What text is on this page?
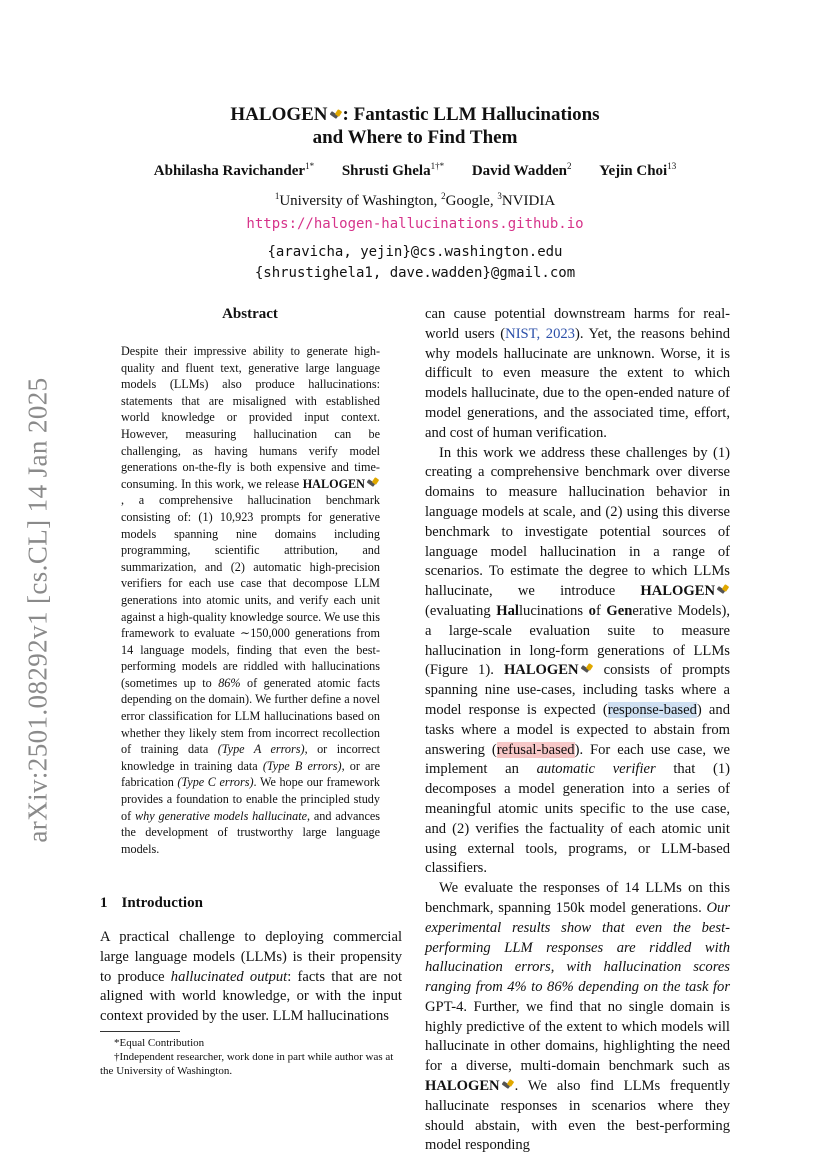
arXiv:2501.08292v1 [cs.CL] 14 Jan 2025
HALOGEN : Fantastic LLM Hallucinations
and Where to Find Them
Abhilasha Ravichander$^{1*}$ Shrusti Ghela$^{1\dagger*}$ David Wadden$^2$ Yejin Choi$^{13}$
$^1$University of Washington, $^2$Google, $^3$NVIDIA
https://halogen-hallucinations.github.io
{aravicha, yejin}@cs.washington.edu
{shrustighela1, dave.wadden}@gmail.com
Abstract
Despite their impressive ability to generate high-quality and fluent text, generative large language models (LLMs) also produce hallucinations: statements that are misaligned with established world knowledge or provided input context. However, measuring hallucination can be challenging, as having humans verify model generations on-the-fly is both expensive and time-consuming. In this work, we release HALOGEN, a comprehensive hallucination benchmark consisting of: (1) 10,923 prompts for generative models spanning nine domains including programming, scientific attribution, and summarization, and (2) automatic high-precision verifiers for each use case that decompose LLM generations into atomic units, and verify each unit against a high-quality knowledge source. We use this framework to evaluate ∼150,000 generations from 14 language models, finding that even the best-performing models are riddled with hallucinations (sometimes up to 86% of generated atomic facts depending on the domain). We further define a novel error classification for LLM hallucinations based on whether they likely stem from incorrect recollection of training data (Type A errors), or incorrect knowledge in training data (Type B errors), or are fabrication (Type C errors). We hope our framework provides a foundation to enable the principled study of why generative models hallucinate, and advances the development of trustworthy large language models.
1 Introduction
A practical challenge to deploying commercial large language models (LLMs) is their propensity to produce hallucinated output: facts that are not aligned with world knowledge, or with the input context provided by the user. LLM hallucinations

*Equal Contribution

†Independent researcher, work done in part while author was at the University of Washington.

can cause potential downstream harms for real-world users (NIST, 2023). Yet, the reasons behind why models hallucinate are unknown. Worse, it is difficult to even measure the extent to which models hallucinate, due to the open-ended nature of model generations, and the associated time, effort, and cost of human verification.

In this work we address these challenges by (1) creating a comprehensive benchmark over diverse domains to measure hallucination behavior in language models at scale, and (2) using this diverse benchmark to investigate potential sources of language model hallucination in a range of scenarios. To estimate the degree to which LLMs hallucinate, we introduce HALOGEN (evaluating Hallucinations of Generative Models), a large-scale evaluation suite to measure hallucination in long-form generations of LLMs (Figure 1). HALOGEN consists of prompts spanning nine use-cases, including tasks where a model response is expected (response-based) and tasks where a model is expected to abstain from answering (refusal-based). For each use case, we implement an automatic verifier that (1) decomposes a model generation into a series of meaningful atomic units specific to the use case, and (2) verifies the factuality of each atomic unit using external tools, programs, or LLM-based classifiers.

We evaluate the responses of 14 LLMs on this benchmark, spanning 150k model generations. Our experimental results show that even the best-performing LLM responses are riddled with hallucination errors, with hallucination scores ranging from 4% to 86% depending on the task for GPT-4. Further, we find that no single domain is highly predictive of the extent to which models will hallucinate in other domains, highlighting the need for a diverse, multi-domain benchmark such as HALOGEN . We also find LLMs frequently hallucinate responses in scenarios where they should abstain, with even the best-performing model responding
